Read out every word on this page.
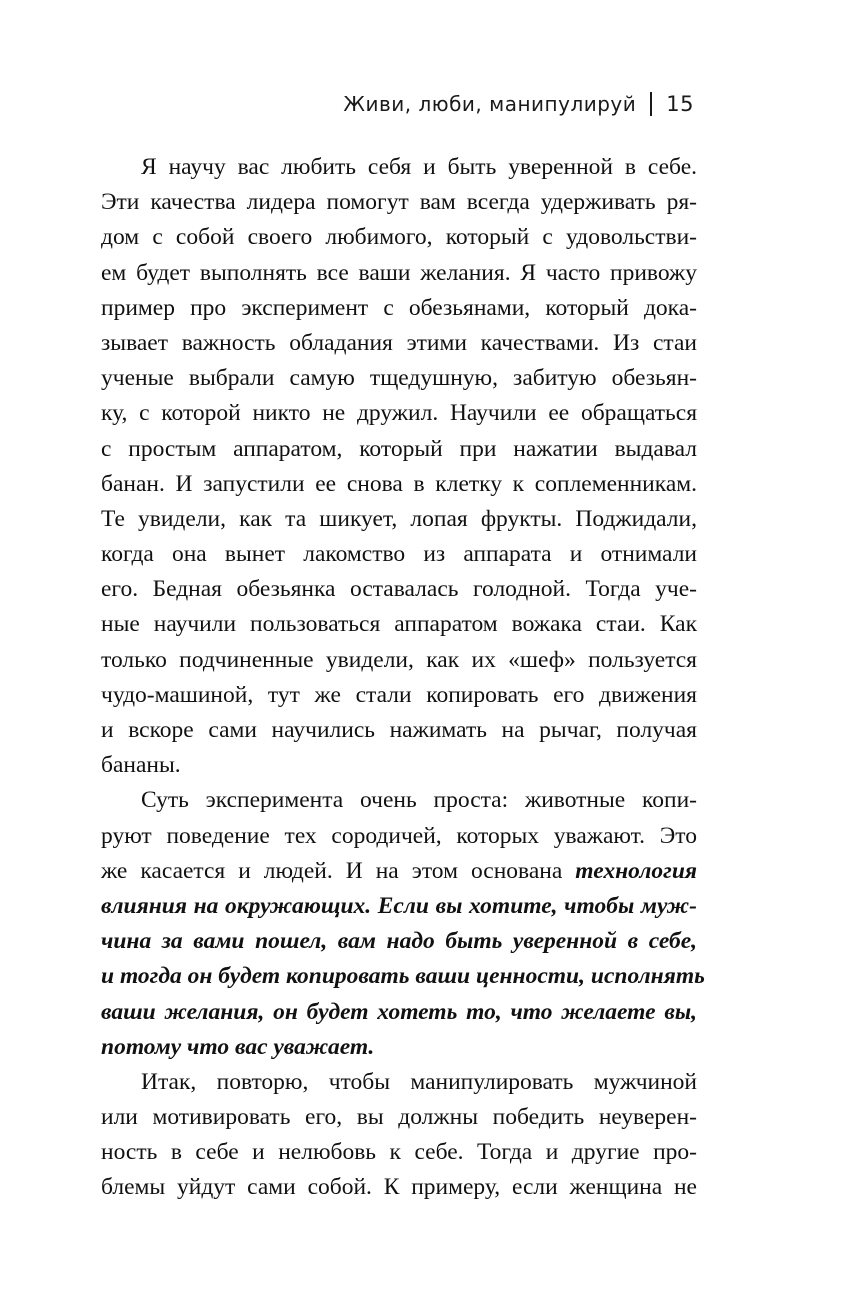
Живи, люби, манипулируй 15
Я научу вас любить себя и быть уверенной в себе.
Эти качества лидера помогут вам всегда удерживать ря-
дом с собой своего любимого, который с удовольстви-
ем будет выполнять все ваши желания. Я часто привожу
пример про эксперимент с обезьянами, который дока-
зывает важность обладания этими качествами. Из стаи
ученые выбрали самую тщедушную, забитую обезьян-
ку, с которой никто не дружил. Научили ее обращаться
с простым аппаратом, который при нажатии выдавал
банан. И запустили ее снова в клетку к соплеменникам.
Те увидели, как та шикует, лопая фрукты. Поджидали,
когда она вынет лакомство из аппарата и отнимали
его. Бедная обезьянка оставалась голодной. Тогда уче-
ные научили пользоваться аппаратом вожака стаи. Как
только подчиненные увидели, как их «шеф» пользуется
чудо-машиной, тут же стали копировать его движения
и вскоре сами научились нажимать на рычаг, получая
бананы.
Суть эксперимента очень проста: животные копи-
руют поведение тех сородичей, которых уважают. Это
же касается и людей. И на этом основана технология
влияния на окружающих. Если вы хотите, чтобы муж-
чина за вами пошел, вам надо быть уверенной в себе,
и тогда он будет копировать ваши ценности, исполнять
ваши желания, он будет хотеть то, что желаете вы,
потому что вас уважает.
Итак, повторю, чтобы манипулировать мужчиной
или мотивировать его, вы должны победить неуверен-
ность в себе и нелюбовь к себе. Тогда и другие про-
блемы уйдут сами собой. К примеру, если женщина не
